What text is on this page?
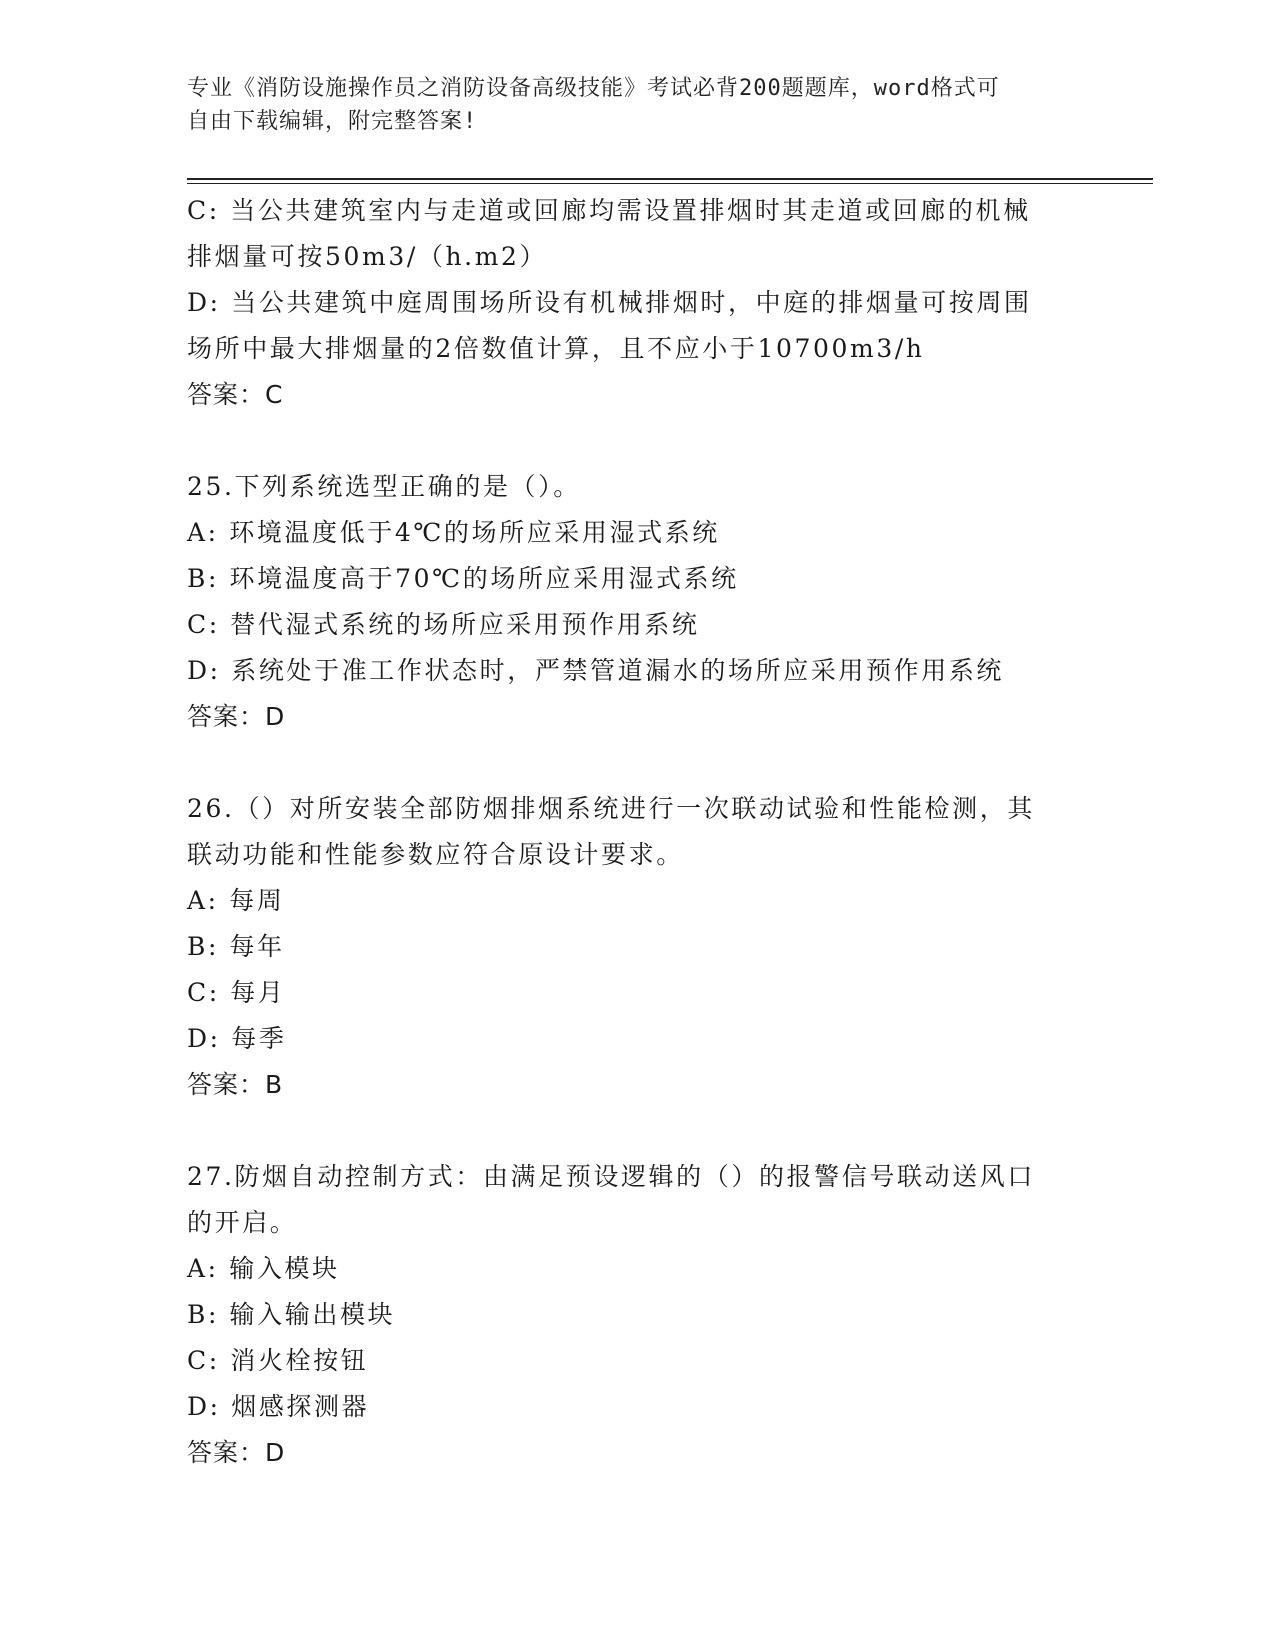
专业《消防设施操作员之消防设备高级技能》考试必背200题题库，word格式可
自由下载编辑，附完整答案!
C: 当公共建筑室内与走道或回廊均需设置排烟时其走道或回廊的机械
排烟量可按50m3/（h.m2）
D: 当公共建筑中庭周围场所设有机械排烟时，中庭的排烟量可按周围
场所中最大排烟量的2倍数值计算，且不应小于10700m3/h
答案：C
25.下列系统选型正确的是（）。
A: 环境温度低于4℃的场所应采用湿式系统
B: 环境温度高于70℃的场所应采用湿式系统
C: 替代湿式系统的场所应采用预作用系统
D: 系统处于准工作状态时，严禁管道漏水的场所应采用预作用系统
答案：D
26.（）对所安装全部防烟排烟系统进行一次联动试验和性能检测，其
联动功能和性能参数应符合原设计要求。
A: 每周
B: 每年
C: 每月
D: 每季
答案：B
27.防烟自动控制方式：由满足预设逻辑的（）的报警信号联动送风口
的开启。
A: 输入模块
B: 输入输出模块
C: 消火栓按钮
D: 烟感探测器
答案：D
